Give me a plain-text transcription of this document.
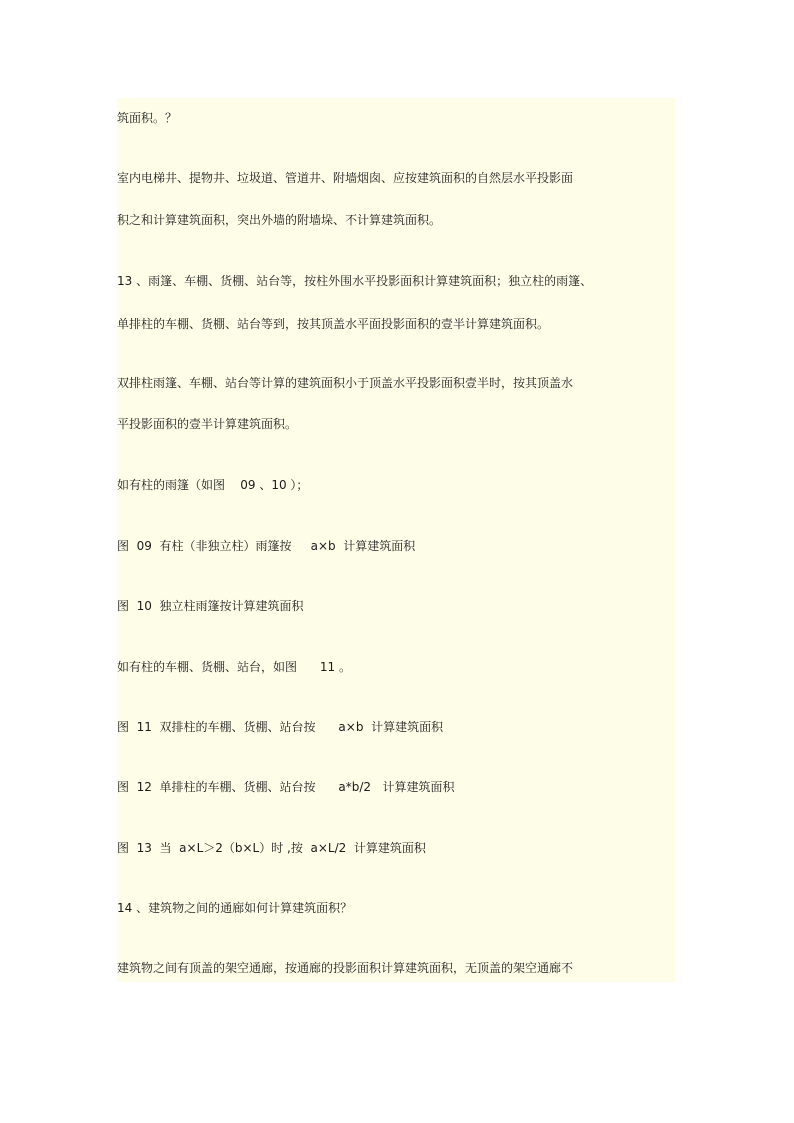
筑面积。？

室内电梯井、提物井、垃圾道、管道井、附墙烟囱、应按建筑面积的自然层水平投影面

积之和计算建筑面积，突出外墙的附墙垛、不计算建筑面积。

13 、雨篷、车棚、货棚、站台等，按柱外围水平投影面积计算建筑面积；独立柱的雨篷、

单排柱的车棚、货棚、站台等到，按其顶盖水平面投影面积的壹半计算建筑面积。

双排柱雨篷、车棚、站台等计算的建筑面积小于顶盖水平投影面积壹半时，按其顶盖水

平投影面积的壹半计算建筑面积。

如有柱的雨篷（如图    09 、10 ）；

图  09  有柱（非独立柱）雨篷按     a×b  计算建筑面积

图  10  独立柱雨篷按计算建筑面积

如有柱的车棚、货棚、站台，如图      11 。

图  11  双排柱的车棚、货棚、站台按      a×b  计算建筑面积

图  12  单排柱的车棚、货棚、站台按      a*b/2   计算建筑面积

图  13  当  a×L＞2（b×L）时 ,按  a×L/2  计算建筑面积

14 、建筑物之间的通廊如何计算建筑面积？

建筑物之间有顶盖的架空通廊，按通廊的投影面积计算建筑面积，无顶盖的架空通廊不
